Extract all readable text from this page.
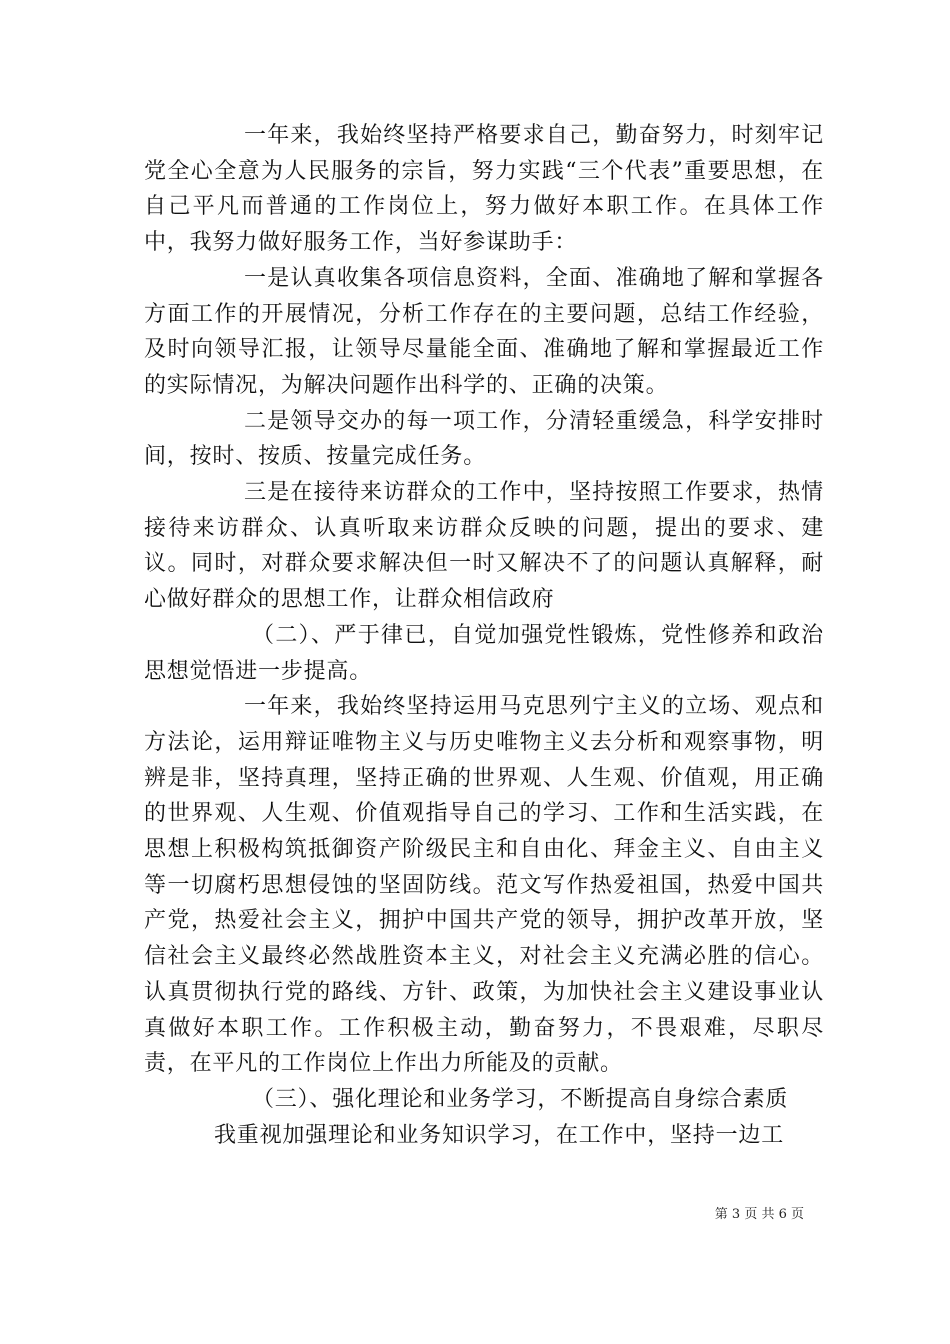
一年来，我始终坚持严格要求自己，勤奋努力，时刻牢记党全心全意为人民服务的宗旨，努力实践“三个代表”重要思想，在自己平凡而普通的工作岗位上，努力做好本职工作。在具体工作中，我努力做好服务工作，当好参谋助手：

一是认真收集各项信息资料，全面、准确地了解和掌握各方面工作的开展情况，分析工作存在的主要问题，总结工作经验，及时向领导汇报，让领导尽量能全面、准确地了解和掌握最近工作的实际情况，为解决问题作出科学的、正确的决策。

二是领导交办的每一项工作，分清轻重缓急，科学安排时间，按时、按质、按量完成任务。

三是在接待来访群众的工作中，坚持按照工作要求，热情接待来访群众、认真听取来访群众反映的问题，提出的要求、建议。同时，对群众要求解决但一时又解决不了的问题认真解释，耐心做好群众的思想工作，让群众相信政府

（二）、严于律已，自觉加强党性锻炼，党性修养和政治思想觉悟进一步提高。

一年来，我始终坚持运用马克思列宁主义的立场、观点和方法论，运用辩证唯物主义与历史唯物主义去分析和观察事物，明辨是非，坚持真理，坚持正确的世界观、人生观、价值观，用正确的世界观、人生观、价值观指导自己的学习、工作和生活实践，在思想上积极构筑抵御资产阶级民主和自由化、拜金主义、自由主义等一切腐朽思想侵蚀的坚固防线。范文写作热爱祖国，热爱中国共产党，热爱社会主义，拥护中国共产党的领导，拥护改革开放，坚信社会主义最终必然战胜资本主义，对社会主义充满必胜的信心。认真贯彻执行党的路线、方针、政策，为加快社会主义建设事业认真做好本职工作。工作积极主动，勤奋努力，不畏艰难，尽职尽责，在平凡的工作岗位上作出力所能及的贡献。

（三）、强化理论和业务学习，不断提高自身综合素质

我重视加强理论和业务知识学习，在工作中，坚持一边工

第 3 页 共 6 页
